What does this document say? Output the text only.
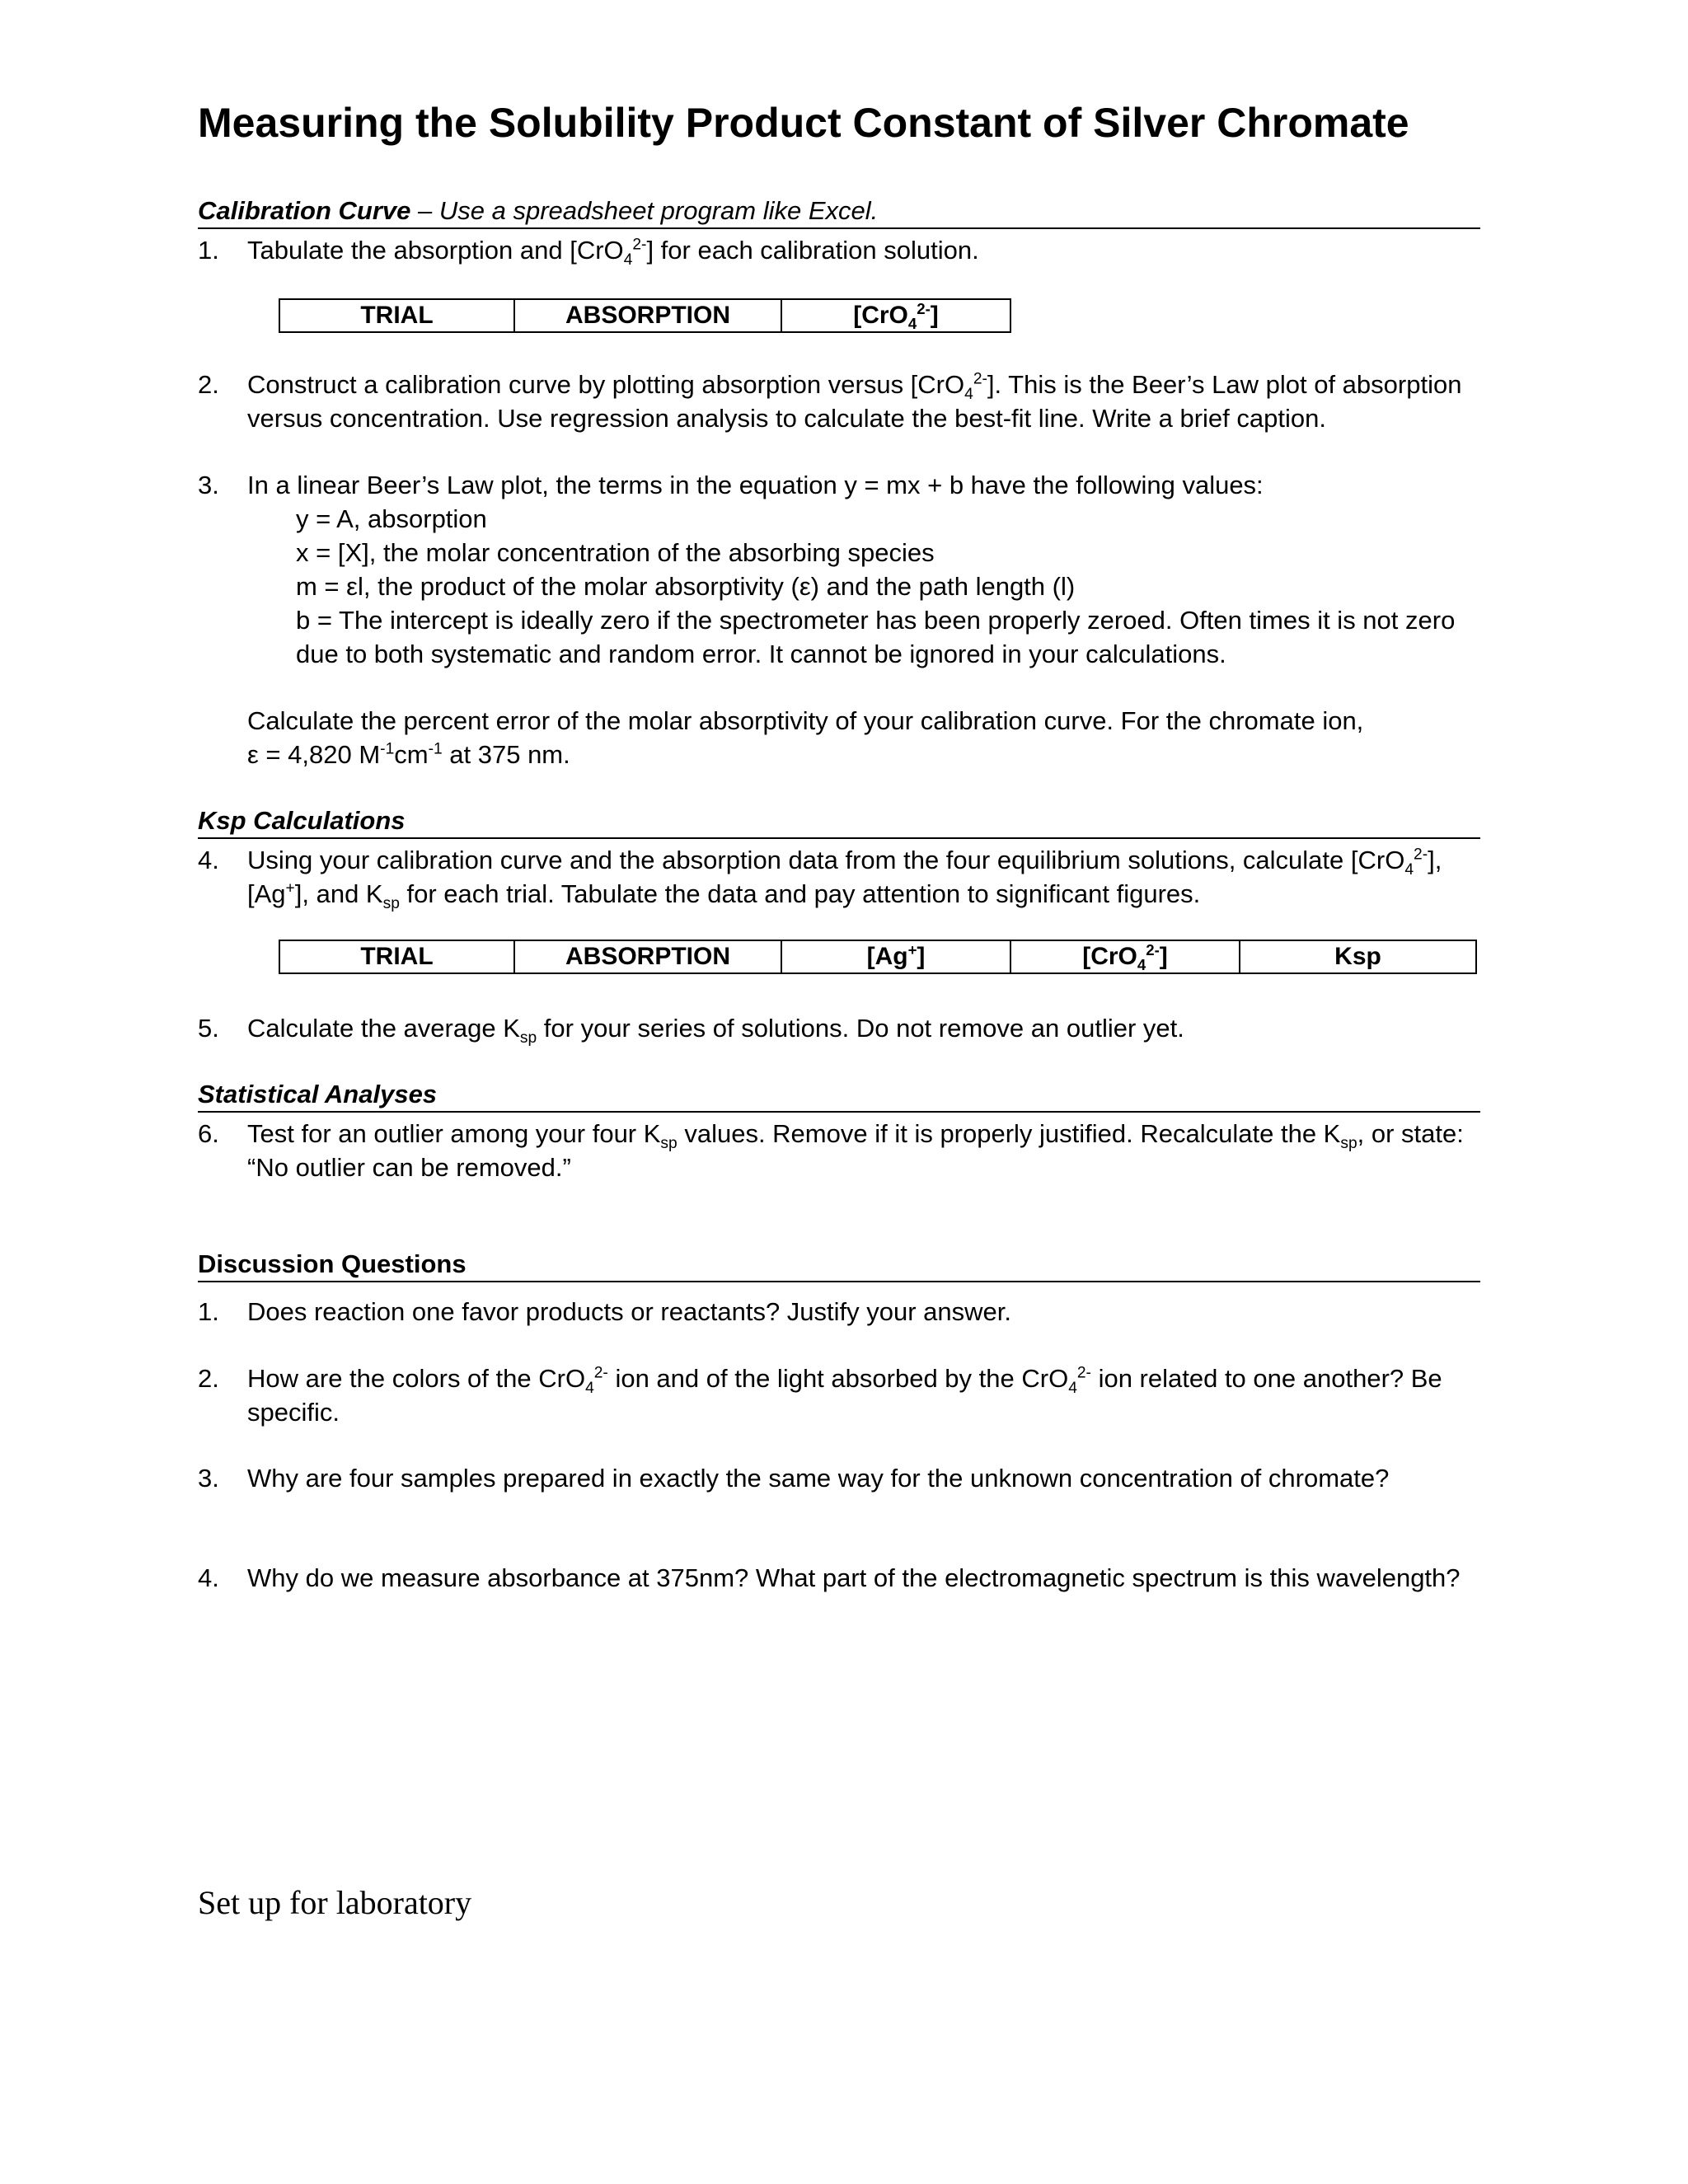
Measuring the Solubility Product Constant of Silver Chromate
Calibration Curve – Use a spreadsheet program like Excel.
1. Tabulate the absorption and [CrO$_4^{2-}$] for each calibration solution.
TRIAL	ABSORPTION	[CrO$_4^{2-}$]
2. Construct a calibration curve by plotting absorption versus [CrO$_4^{2-}$]. This is the Beer’s Law plot of absorption versus concentration. Use regression analysis to calculate the best-fit line. Write a brief caption.
3. In a linear Beer’s Law plot, the terms in the equation y = mx + b have the following values:
y = A, absorption
x = [X], the molar concentration of the absorbing species
m = εl, the product of the molar absorptivity (ε) and the path length (l)
b = The intercept is ideally zero if the spectrometer has been properly zeroed. Often times it is not zero
due to both systematic and random error. It cannot be ignored in your calculations.
Calculate the percent error of the molar absorptivity of your calibration curve. For the chromate ion,
ε = 4,820 $M^{-1}cm^{-1}$ at 375 nm.
Ksp Calculations
4. Using your calibration curve and the absorption data from the four equilibrium solutions, calculate [CrO$_4^{2-}$],
[Ag+], and $K_{sp}$ for each trial. Tabulate the data and pay attention to significant figures.
TRIAL	ABSORPTION	[Ag+]	[CrO$_4^{2-}$]	Ksp
5. Calculate the average $K_{sp}$ for your series of solutions. Do not remove an outlier yet.
Statistical Analyses
6. Test for an outlier among your four $K_{sp}$ values. Remove if it is properly justified. Recalculate the $K_{sp}$, or state:
“No outlier can be removed.”
Discussion Questions
1. Does reaction one favor products or reactants? Justify your answer.
2. How are the colors of the CrO$_4^{2-}$ ion and of the light absorbed by the CrO$_4^{2-}$ ion related to one another? Be
specific.
3. Why are four samples prepared in exactly the same way for the unknown concentration of chromate?
4. Why do we measure absorbance at 375nm? What part of the electromagnetic spectrum is this wavelength?
Set up for laboratory
